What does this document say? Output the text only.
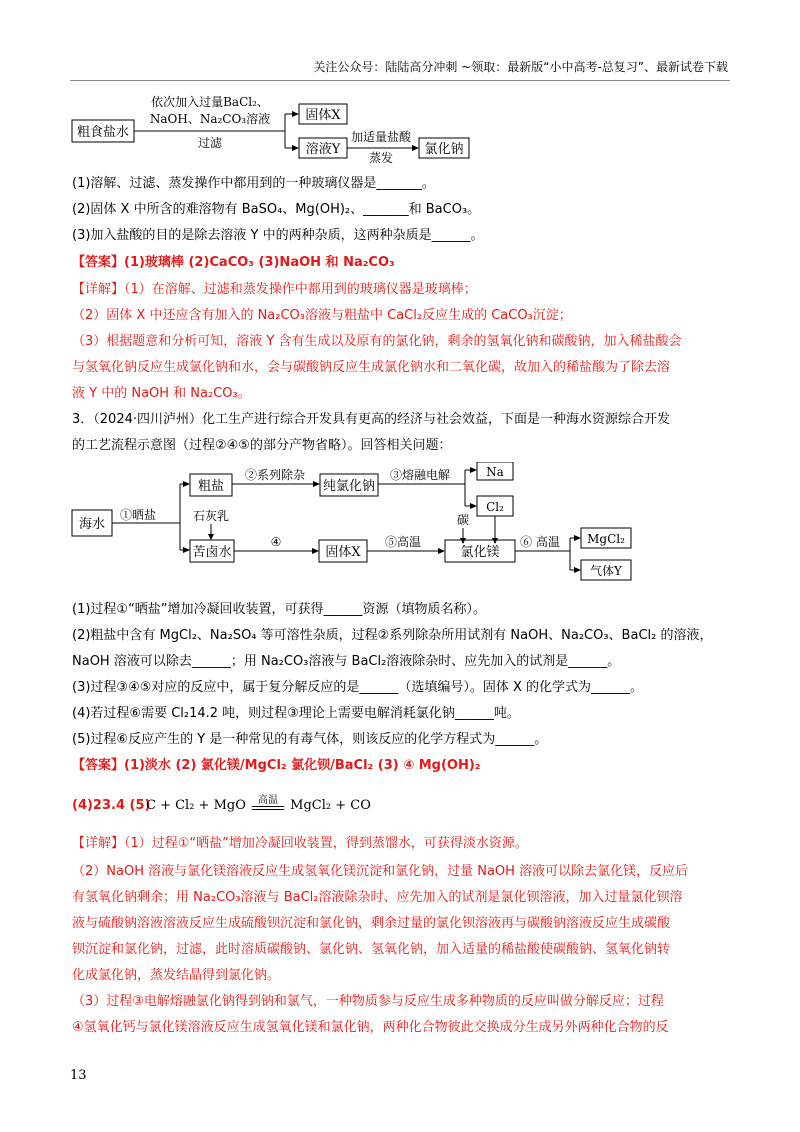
关注公众号：陆陆高分冲刺 ~领取：最新版“小中高考-总复习”、最新试卷下载
粗食盐水
依次加入过量BaCl₂、
NaOH、Na₂CO₃溶液
过滤
固体X
溶液Y
加适量盐酸
蒸发
氯化钠
(1)溶解、过滤、蒸发操作中都用到的一种玻璃仪器是_______。
(2)固体 X 中所含的难溶物有 BaSO₄、Mg(OH)₂、_______和 BaCO₃。
(3)加入盐酸的目的是除去溶液 Y 中的两种杂质，这两种杂质是______。
【答案】(1)玻璃棒 (2)CaCO₃ (3)NaOH 和 Na₂CO₃
【详解】（1）在溶解、过滤和蒸发操作中都用到的玻璃仪器是玻璃棒；
（2）固体 X 中还应含有加入的 Na₂CO₃溶液与粗盐中 CaCl₂反应生成的 CaCO₃沉淀；
（3）根据题意和分析可知，溶液 Y 含有生成以及原有的氯化钠，剩余的氢氧化钠和碳酸钠，加入稀盐酸会
与氢氧化钠反应生成氯化钠和水，会与碳酸钠反应生成氯化钠水和二氧化碳，故加入的稀盐酸为了除去溶
液 Y 中的 NaOH 和 Na₂CO₃。
3．（2024·四川泸州）化工生产进行综合开发具有更高的经济与社会效益，下面是一种海水资源综合开发
的工艺流程示意图（过程②④⑤的部分产物省略）。回答相关问题：
海水
①晒盐
粗盐
②系列除杂
纯氯化钠
③熔融电解	Na
Cl₂
碳
石灰乳
苦卤水
④
固体X
⑤高温
氯化镁
⑥ 高温 MgCl₂
气体Y
(1)过程①“晒盐”增加冷凝回收装置，可获得______资源（填物质名称）。
(2)粗盐中含有 MgCl₂、Na₂SO₄ 等可溶性杂质，过程②系列除杂所用试剂有 NaOH、Na₂CO₃、BaCl₂ 的溶液，
NaOH 溶液可以除去______；用 Na₂CO₃溶液与 BaCl₂溶液除杂时、应先加入的试剂是______。
(3)过程③④⑤对应的反应中，属于复分解反应的是______（选填编号）。固体 X 的化学式为______。
(4)若过程⑥需要 Cl₂14.2 吨，则过程③理论上需要电解消耗氯化钠______吨。
(5)过程⑥反应产生的 Y 是一种常见的有毒气体，则该反应的化学方程式为______。
【答案】(1)淡水 (2) 氯化镁/MgCl₂ 氯化钡/BaCl₂ (3) ④ Mg(OH)₂
(4)23.4 (5)
C + Cl₂ + MgO	高温 MgCl₂ + CO
【详解】（1）过程①“晒盐”增加冷凝回收装置，得到蒸馏水，可获得淡水资源。
（2）NaOH 溶液与氯化镁溶液反应生成氢氧化镁沉淀和氯化钠，过量 NaOH 溶液可以除去氯化镁，反应后
有氢氧化钠剩余；用 Na₂CO₃溶液与 BaCl₂溶液除杂时、应先加入的试剂是氯化钡溶液，加入过量氯化钡溶
液与硫酸钠溶液溶液反应生成硫酸钡沉淀和氯化钠，剩余过量的氯化钡溶液再与碳酸钠溶液反应生成碳酸
钡沉淀和氯化钠，过滤，此时溶质碳酸钠、氯化钠、氢氧化钠，加入适量的稀盐酸使碳酸钠、氢氧化钠转
化成氯化钠，蒸发结晶得到氯化钠。
（3）过程③电解熔融氯化钠得到钠和氯气，一种物质参与反应生成多种物质的反应叫做分解反应；过程
④氢氧化钙与氯化镁溶液反应生成氢氧化镁和氯化钠，两种化合物彼此交换成分生成另外两种化合物的反
13
